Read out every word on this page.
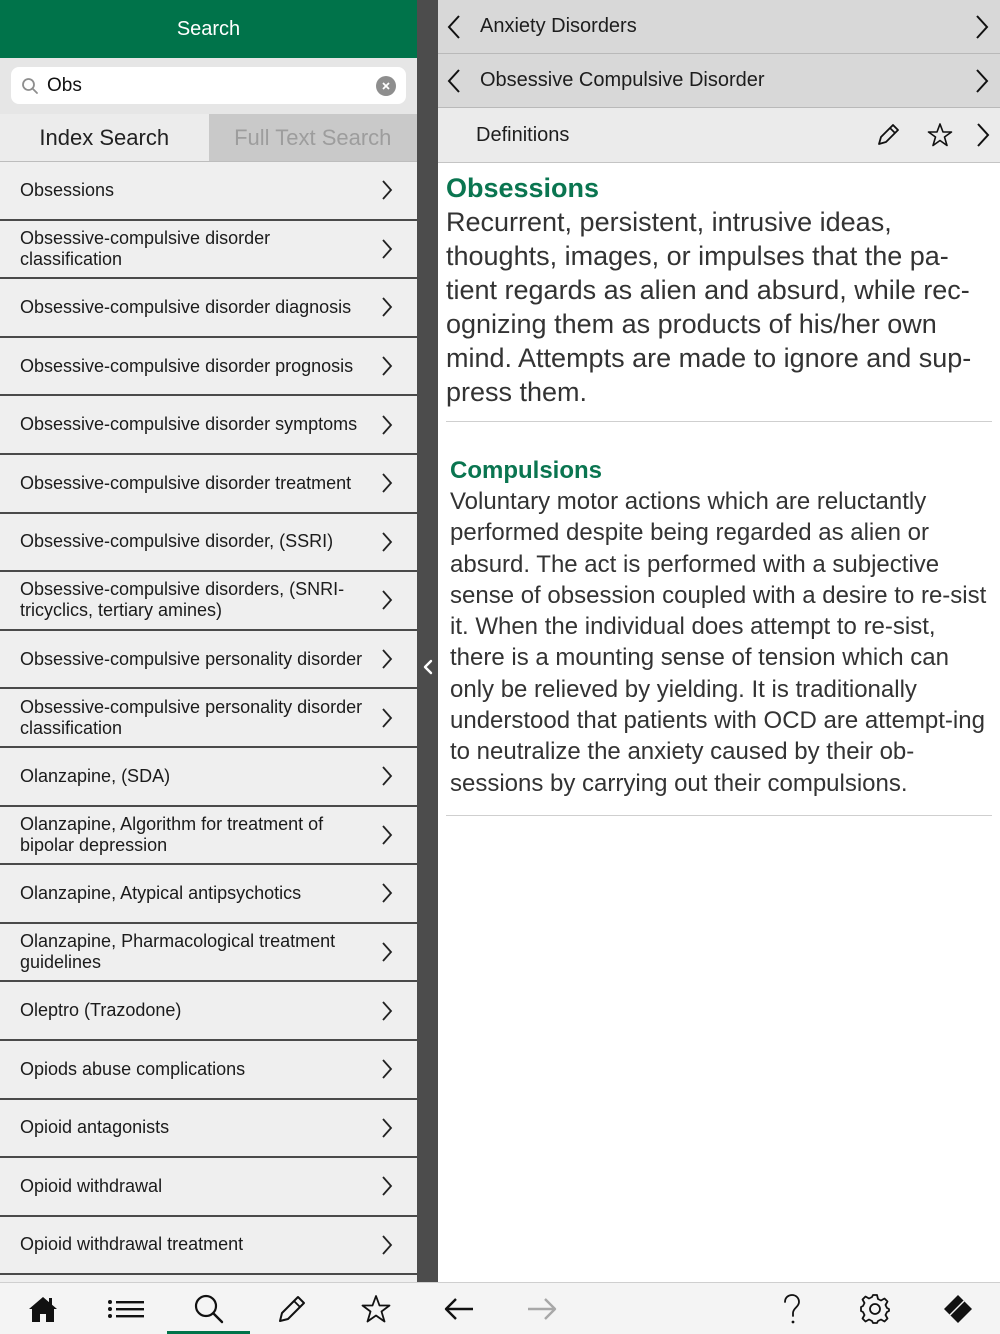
Search
Obs
Index Search	Full Text Search
Obsessions
Obsessive-compulsive disorder classification
Obsessive-compulsive disorder diagnosis
Obsessive-compulsive disorder prognosis
Obsessive-compulsive disorder symptoms
Obsessive-compulsive disorder treatment
Obsessive-compulsive disorder, (SSRI)
Obsessive-compulsive disorders, (SNRI-tricyclics, tertiary amines)
Obsessive-compulsive personality disorder
Obsessive-compulsive personality disorder classification
Olanzapine, (SDA)
Olanzapine, Algorithm for treatment of bipolar depression
Olanzapine, Atypical antipsychotics
Olanzapine, Pharmacological treatment guidelines
Oleptro (Trazodone)
Opiods abuse complications
Opioid antagonists
Opioid withdrawal
Opioid withdrawal treatment
Anxiety Disorders
Obsessive Compulsive Disorder
Definitions
Obsessions
Recurrent, persistent, intrusive ideas, thoughts, images, or impulses that the pa-tient regards as alien and absurd, while rec-ognizing them as products of his/her own mind. Attempts are made to ignore and sup-press them.
Compulsions
Voluntary motor actions which are reluctantly performed despite being regarded as alien or absurd. The act is performed with a subjective sense of obsession coupled with a desire to re-sist it. When the individual does attempt to re-sist, there is a mounting sense of tension which can only be relieved by yielding. It is traditionally understood that patients with OCD are attempt-ing to neutralize the anxiety caused by their ob-sessions by carrying out their compulsions.
